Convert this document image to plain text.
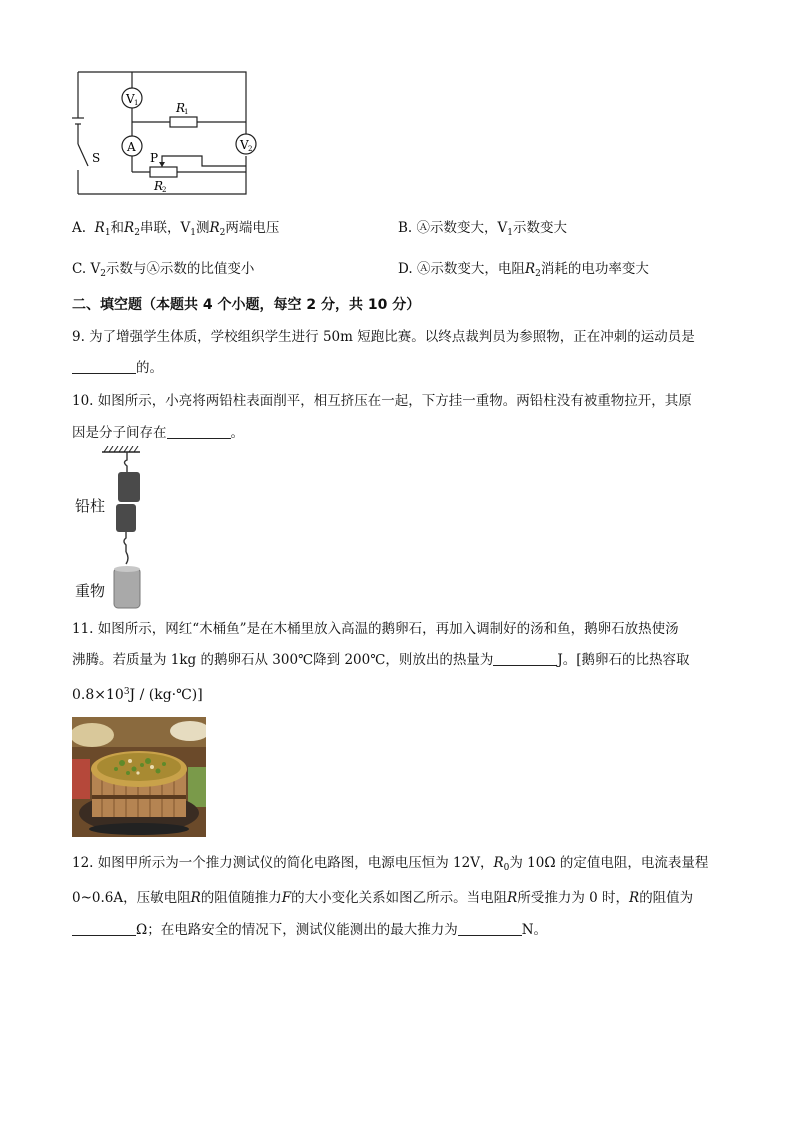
V 1
A	V 2
R
1
P
R
2
S
A. $R_1$和$R_2$串联，$V_1$测$R_2$两端电压	B. Ⓐ示数变大，$V_1$示数变大
C. $V_2$示数与Ⓐ示数的比值变小	D. Ⓐ示数变大，电阻$R_2$消耗的电功率变大
二、填空题（本题共 4 个小题，每空 2 分，共 10 分）
9. 为了增强学生体质，学校组织学生进行 50m 短跑比赛。以终点裁判员为参照物，正在冲刺的运动员是
的。
10. 如图所示，小亮将两铅柱表面削平，相互挤压在一起，下方挂一重物。两铅柱没有被重物拉开，其原
因是分子间存在	。
铅柱
重物
11. 如图所示，网红“木桶鱼”是在木桶里放入高温的鹅卵石，再加入调制好的汤和鱼，鹅卵石放热使汤
沸腾。若质量为 1kg 的鹅卵石从 300℃降到 200℃，则放出的热量为	J。[鹅卵石的比热容取
$0.8\times 10^3J$ / (kg·℃)]
12. 如图甲所示为一个推力测试仪的简化电路图，电源电压恒为 12V，$R_0$为 10Ω 的定值电阻，电流表量程
0~0.6A，压敏电阻R的阻值随推力F的大小变化关系如图乙所示。当电阻R所受推力为 0 时，R的阻值为
Ω；在电路安全的情况下，测试仪能测出的最大推力为	N。
